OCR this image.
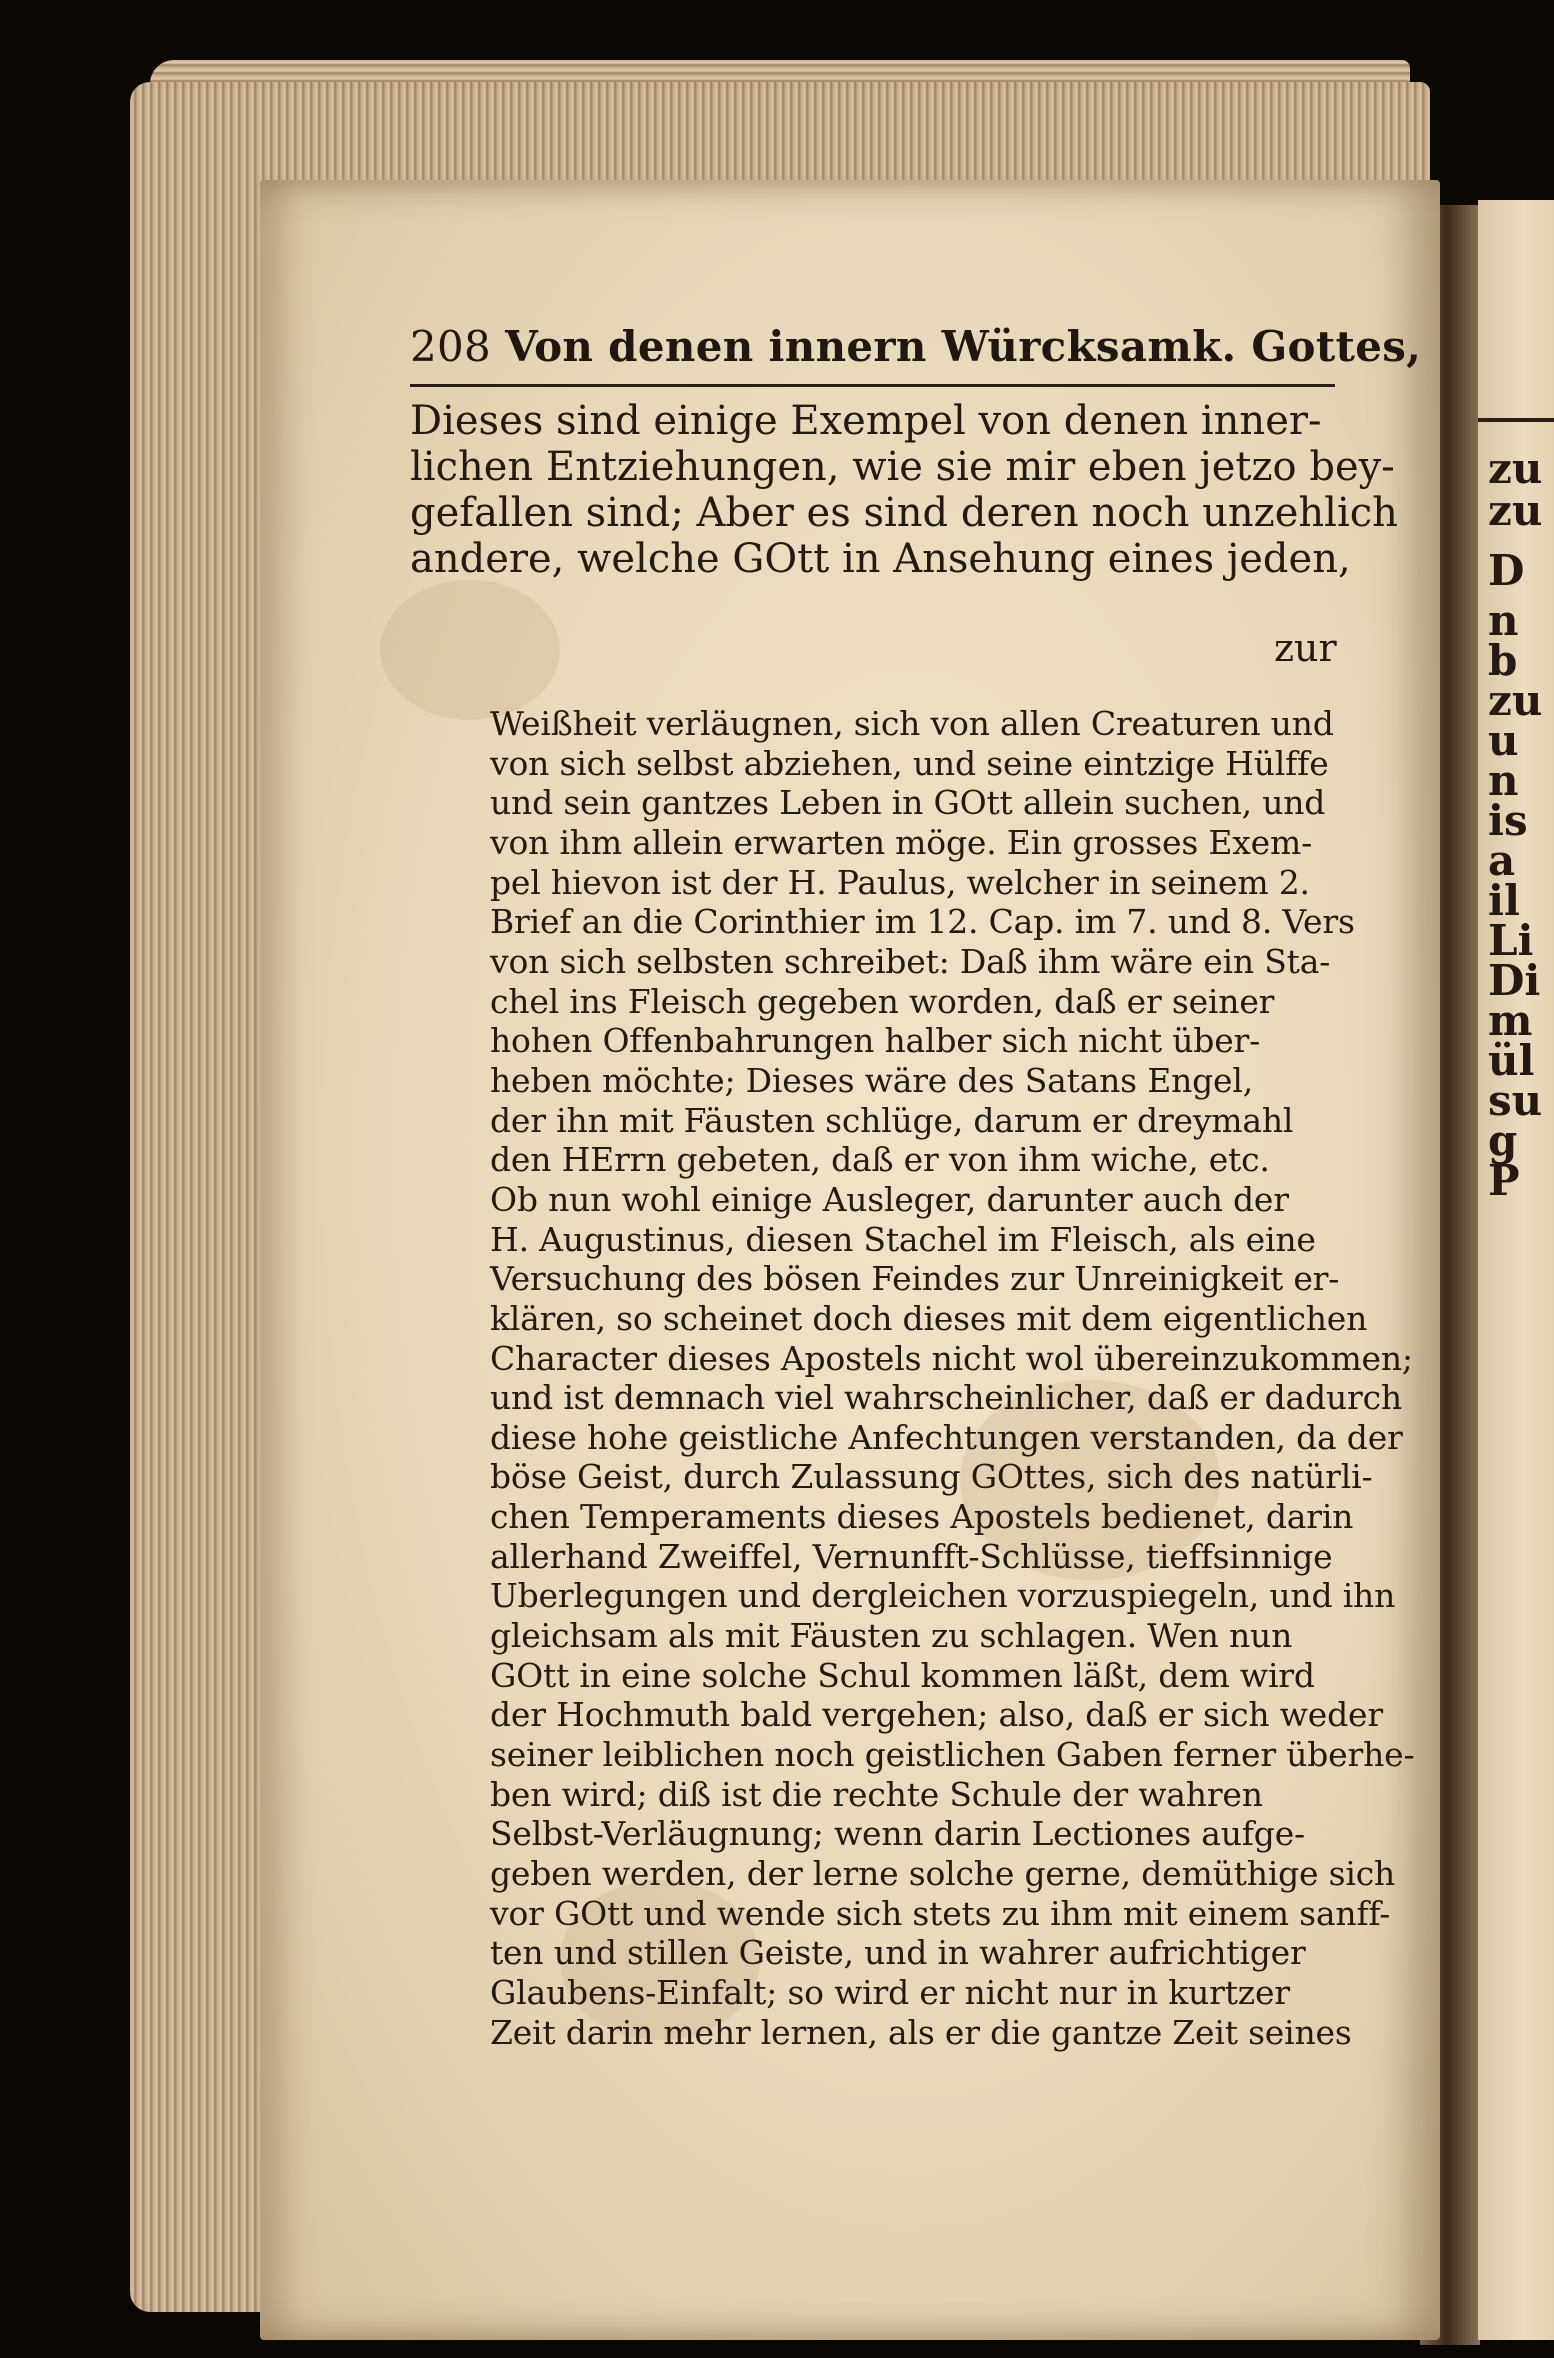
zu
zu
D
n
b
zu
u
n
is
a
il
Li
Di
m
ül
su
g
P
208 Von denen innern Würcksamk. Gottes,
Dieses sind einige Exempel von denen inner-
lichen Entziehungen, wie sie mir eben jetzo bey-
gefallen sind; Aber es sind deren noch unzehlich
andere, welche GOtt in Ansehung eines jeden,
zur
Weißheit verläugnen, sich von allen Creaturen und
von sich selbst abziehen, und seine eintzige Hülffe
und sein gantzes Leben in GOtt allein suchen, und
von ihm allein erwarten möge. Ein grosses Exem-
pel hievon ist der H. Paulus, welcher in seinem 2.
Brief an die Corinthier im 12. Cap. im 7. und 8. Vers
von sich selbsten schreibet: Daß ihm wäre ein Sta-
chel ins Fleisch gegeben worden, daß er seiner
hohen Offenbahrungen halber sich nicht über-
heben möchte; Dieses wäre des Satans Engel,
der ihn mit Fäusten schlüge, darum er dreymahl
den HErrn gebeten, daß er von ihm wiche, etc.
Ob nun wohl einige Ausleger, darunter auch der
H. Augustinus, diesen Stachel im Fleisch, als eine
Versuchung des bösen Feindes zur Unreinigkeit er-
klären, so scheinet doch dieses mit dem eigentlichen
Character dieses Apostels nicht wol übereinzukommen;
und ist demnach viel wahrscheinlicher, daß er dadurch
diese hohe geistliche Anfechtungen verstanden, da der
böse Geist, durch Zulassung GOttes, sich des natürli-
chen Temperaments dieses Apostels bedienet, darin
allerhand Zweiffel, Vernunfft-Schlüsse, tieffsinnige
Uberlegungen und dergleichen vorzuspiegeln, und ihn
gleichsam als mit Fäusten zu schlagen. Wen nun
GOtt in eine solche Schul kommen läßt, dem wird
der Hochmuth bald vergehen; also, daß er sich weder
seiner leiblichen noch geistlichen Gaben ferner überhe-
ben wird; diß ist die rechte Schule der wahren
Selbst-Verläugnung; wenn darin Lectiones aufge-
geben werden, der lerne solche gerne, demüthige sich
vor GOtt und wende sich stets zu ihm mit einem sanff-
ten und stillen Geiste, und in wahrer aufrichtiger
Glaubens-Einfalt; so wird er nicht nur in kurtzer
Zeit darin mehr lernen, als er die gantze Zeit seines
